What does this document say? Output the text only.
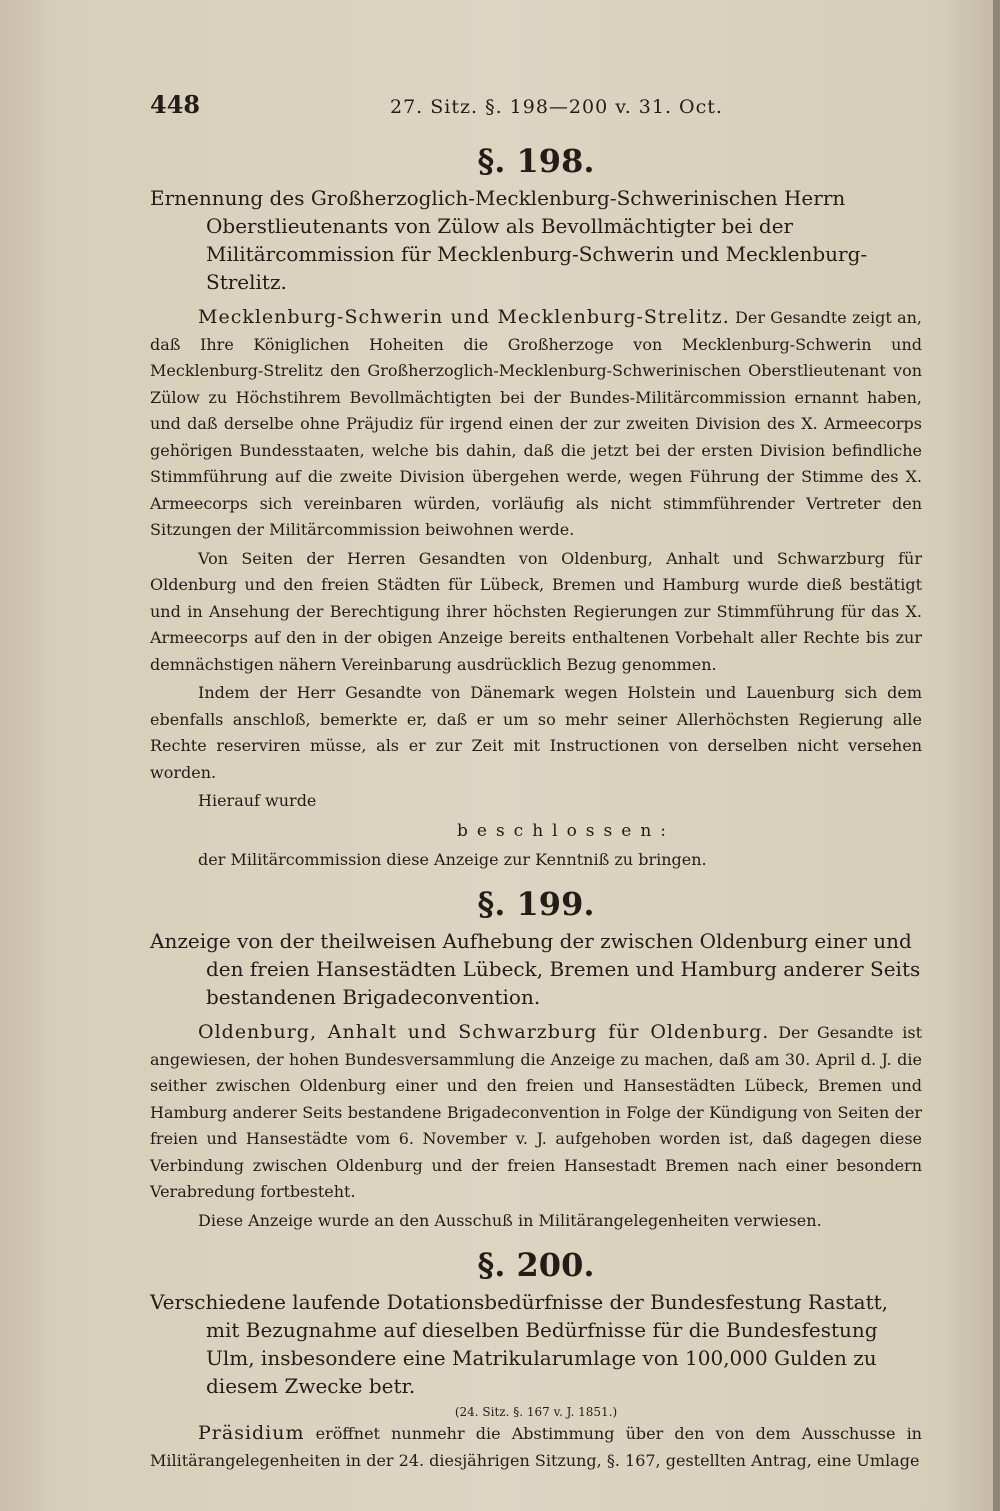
448	27. Sitz. §. 198—200 v. 31. Oct.
§. 198.
Ernennung des Großherzoglich-Mecklenburg-Schwerinischen Herrn Oberstlieutenants von Zülow als Bevollmächtigter bei der Militärcommission für Mecklenburg-Schwerin und Mecklenburg-Strelitz.

Mecklenburg-Schwerin und Mecklenburg-Strelitz. Der Gesandte zeigt an, daß Ihre Königlichen Hoheiten die Großherzoge von Mecklenburg-Schwerin und Mecklenburg-Strelitz den Großherzoglich-Mecklenburg-Schwerinischen Oberstlieutenant von Zülow zu Höchstihrem Bevollmächtigten bei der Bundes-Militärcommission ernannt haben, und daß derselbe ohne Präjudiz für irgend einen der zur zweiten Division des X. Armeecorps gehörigen Bundesstaaten, welche bis dahin, daß die jetzt bei der ersten Division befindliche Stimmführung auf die zweite Division übergehen werde, wegen Führung der Stimme des X. Armeecorps sich vereinbaren würden, vorläufig als nicht stimmführender Vertreter den Sitzungen der Militärcommission beiwohnen werde.

Von Seiten der Herren Gesandten von Oldenburg, Anhalt und Schwarzburg für Oldenburg und den freien Städten für Lübeck, Bremen und Hamburg wurde dieß bestätigt und in Ansehung der Berechtigung ihrer höchsten Regierungen zur Stimmführung für das X. Armeecorps auf den in der obigen Anzeige bereits enthaltenen Vorbehalt aller Rechte bis zur demnächstigen nähern Vereinbarung ausdrücklich Bezug genommen.

Indem der Herr Gesandte von Dänemark wegen Holstein und Lauenburg sich dem ebenfalls anschloß, bemerkte er, daß er um so mehr seiner Allerhöchsten Regierung alle Rechte reserviren müsse, als er zur Zeit mit Instructionen von derselben nicht versehen worden.

Hierauf wurde

beschlossen:

der Militärcommission diese Anzeige zur Kenntniß zu bringen.

§. 199.
Anzeige von der theilweisen Aufhebung der zwischen Oldenburg einer und den freien Hansestädten Lübeck, Bremen und Hamburg anderer Seits bestandenen Brigadeconvention.

Oldenburg, Anhalt und Schwarzburg für Oldenburg. Der Gesandte ist angewiesen, der hohen Bundesversammlung die Anzeige zu machen, daß am 30. April d. J. die seither zwischen Oldenburg einer und den freien und Hansestädten Lübeck, Bremen und Hamburg anderer Seits bestandene Brigadeconvention in Folge der Kündigung von Seiten der freien und Hansestädte vom 6. November v. J. aufgehoben worden ist, daß dagegen diese Verbindung zwischen Oldenburg und der freien Hansestadt Bremen nach einer besondern Verabredung fortbesteht.

Diese Anzeige wurde an den Ausschuß in Militärangelegenheiten verwiesen.

§. 200.
Verschiedene laufende Dotationsbedürfnisse der Bundesfestung Rastatt, mit Bezugnahme auf dieselben Bedürfnisse für die Bundesfestung Ulm, insbesondere eine Matrikularumlage von 100,000 Gulden zu diesem Zwecke betr.
(24. Sitz. §. 167 v. J. 1851.)

Präsidium eröffnet nunmehr die Abstimmung über den von dem Ausschusse in Militärangelegenheiten in der 24. diesjährigen Sitzung, §. 167, gestellten Antrag, eine Umlage
